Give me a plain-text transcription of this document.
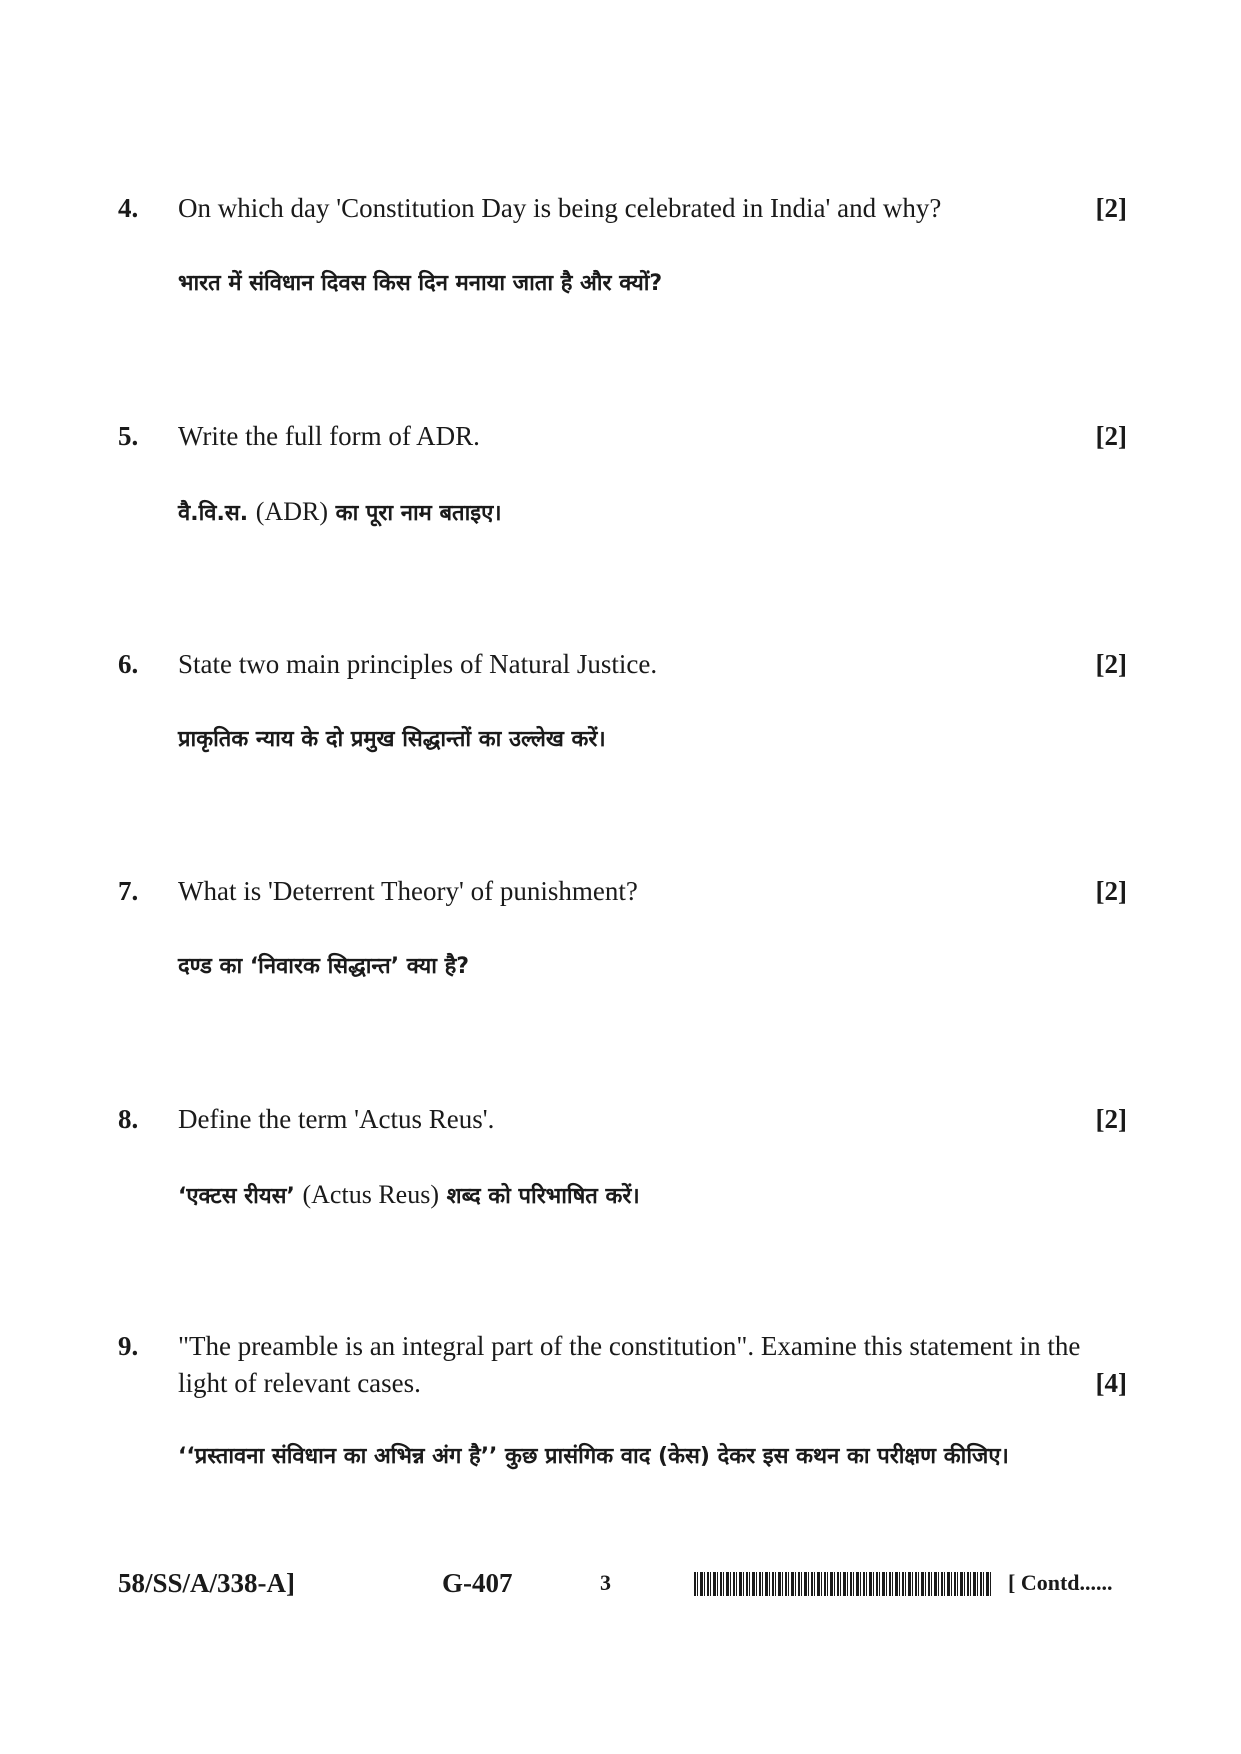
4. On which day 'Constitution Day is being celebrated in India' and why?	[2]
भारत में संविधान दिवस किस दिन मनाया जाता है और क्यों?
5. Write the full form of ADR.	[2]
वै.वि.स. (ADR) का पूरा नाम बताइए।
6. State two main principles of Natural Justice.	[2]
प्राकृतिक न्याय के दो प्रमुख सिद्धान्तों का उल्लेख करें।
7. What is 'Deterrent Theory' of punishment?	[2]
दण्ड का ‘निवारक सिद्धान्त’ क्या है?
8. Define the term 'Actus Reus'.	[2]
‘एक्टस रीयस’ (Actus Reus) शब्द को परिभाषित करें।
9. "The preamble is an integral part of the constitution". Examine this statement in the light of relevant cases.	[4]
‘‘प्रस्तावना संविधान का अभिन्न अंग है’’ कुछ प्रासंगिक वाद (केस) देकर इस कथन का परीक्षण कीजिए।
58/SS/A/338-A]	G-407	3	[ Contd......
